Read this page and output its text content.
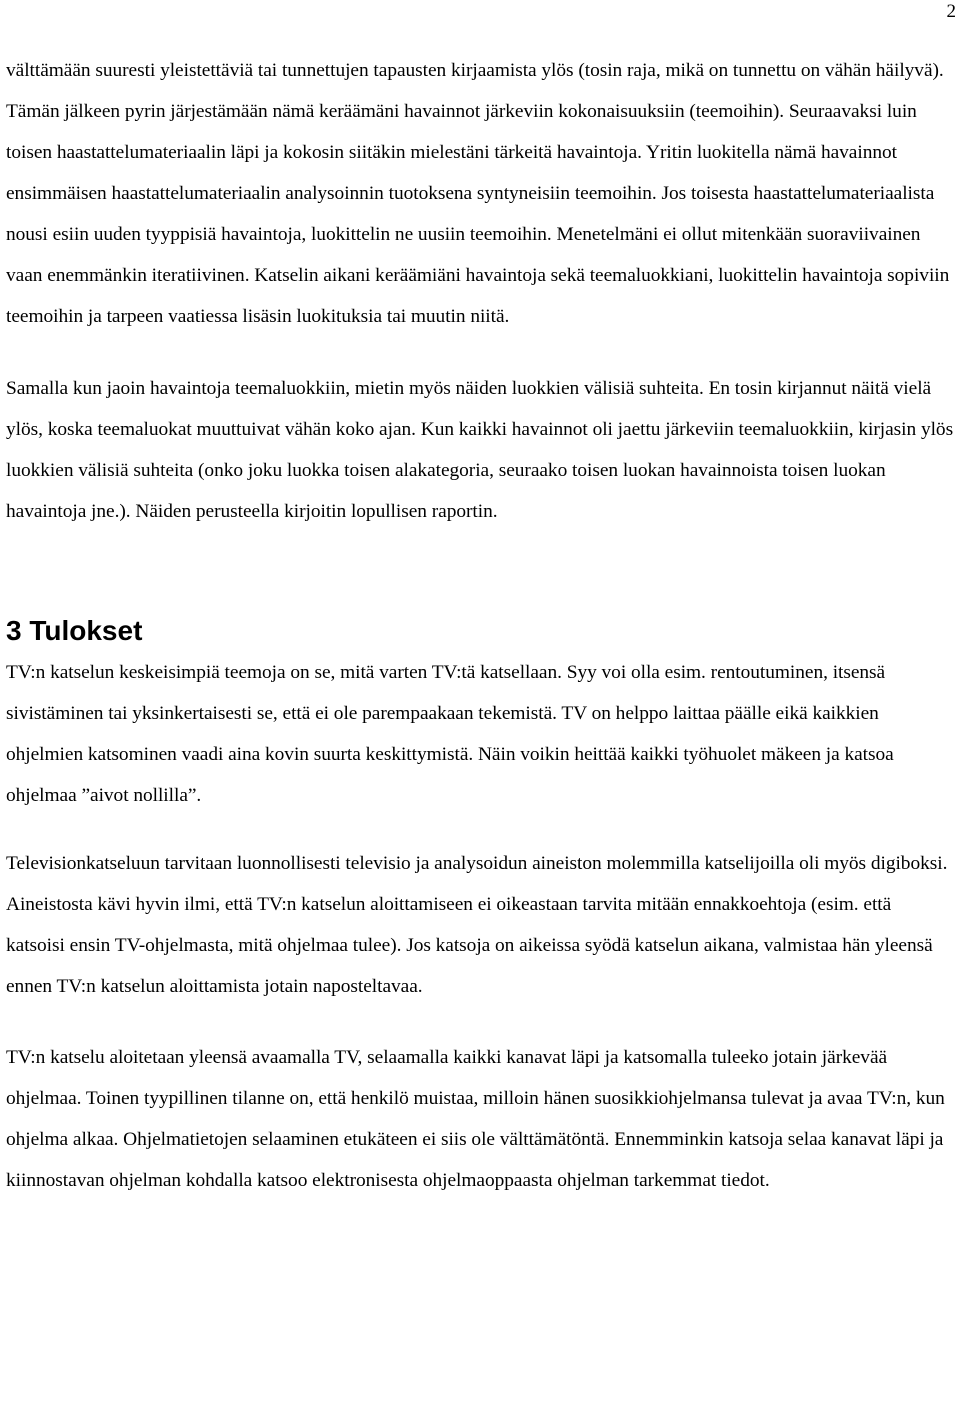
2

välttämään suuresti yleistettäviä tai tunnettujen tapausten kirjaamista ylös (tosin raja, mikä on tunnettu on vähän häilyvä). Tämän jälkeen pyrin järjestämään nämä keräämäni havainnot järkeviin kokonaisuuksiin (teemoihin). Seuraavaksi luin toisen haastattelumateriaalin läpi ja kokosin siitäkin mielestäni tärkeitä havaintoja. Yritin luokitella nämä havainnot ensimmäisen haastattelumateriaalin analysoinnin tuotoksena syntyneisiin teemoihin. Jos toisesta haastattelumateriaalista nousi esiin uuden tyyppisiä havaintoja, luokittelin ne uusiin teemoihin. Menetelmäni ei ollut mitenkään suoraviivainen vaan enemmänkin iteratiivinen. Katselin aikani keräämiäni havaintoja sekä teemaluokkiani, luokittelin havaintoja sopiviin teemoihin ja tarpeen vaatiessa lisäsin luokituksia tai muutin niitä.

Samalla kun jaoin havaintoja teemaluokkiin, mietin myös näiden luokkien välisiä suhteita. En tosin kirjannut näitä vielä ylös, koska teemaluokat muuttuivat vähän koko ajan. Kun kaikki havainnot oli jaettu järkeviin teemaluokkiin, kirjasin ylös luokkien välisiä suhteita (onko joku luokka toisen alakategoria, seuraako toisen luokan havainnoista toisen luokan havaintoja jne.). Näiden perusteella kirjoitin lopullisen raportin.

3 Tulokset

TV:n katselun keskeisimpiä teemoja on se, mitä varten TV:tä katsellaan. Syy voi olla esim. rentoutuminen, itsensä sivistäminen tai yksinkertaisesti se, että ei ole parempaakaan tekemistä. TV on helppo laittaa päälle eikä kaikkien ohjelmien katsominen vaadi aina kovin suurta keskittymistä. Näin voikin heittää kaikki työhuolet mäkeen ja katsoa ohjelmaa ”aivot nollilla”.

Televisionkatseluun tarvitaan luonnollisesti televisio ja analysoidun aineiston molemmilla katselijoilla oli myös digiboksi. Aineistosta kävi hyvin ilmi, että TV:n katselun aloittamiseen ei oikeastaan tarvita mitään ennakkoehtoja (esim. että katsoisi ensin TV-ohjelmasta, mitä ohjelmaa tulee). Jos katsoja on aikeissa syödä katselun aikana, valmistaa hän yleensä ennen TV:n katselun aloittamista jotain naposteltavaa.

TV:n katselu aloitetaan yleensä avaamalla TV, selaamalla kaikki kanavat läpi ja katsomalla tuleeko jotain järkevää ohjelmaa. Toinen tyypillinen tilanne on, että henkilö muistaa, milloin hänen suosikkiohjelmansa tulevat ja avaa TV:n, kun ohjelma alkaa. Ohjelmatietojen selaaminen etukäteen ei siis ole välttämätöntä. Ennemminkin katsoja selaa kanavat läpi ja kiinnostavan ohjelman kohdalla katsoo elektronisesta ohjelmaoppaasta ohjelman tarkemmat tiedot.
